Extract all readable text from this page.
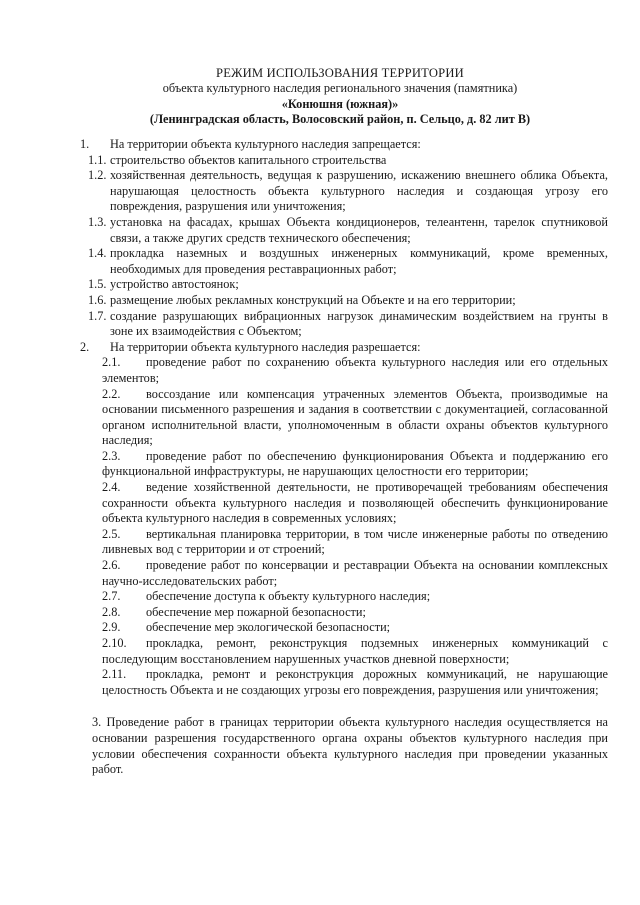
РЕЖИМ ИСПОЛЬЗОВАНИЯ ТЕРРИТОРИИ
объекта культурного наследия регионального значения (памятника)
«Конюшня (южная)»
(Ленинградская область, Волосовский район, п. Сельцо, д. 82 лит В)
1.	На территории объекта культурного наследия запрещается:
1.1. строительство объектов капитального строительства
1.2. хозяйственная деятельность, ведущая к разрушению, искажению внешнего облика Объекта, нарушающая целостность объекта культурного наследия и создающая угрозу его повреждения, разрушения или уничтожения;
1.3. установка на фасадах, крышах Объекта кондиционеров, телеантенн, тарелок спутниковой связи, а также других средств технического обеспечения;
1.4. прокладка наземных и воздушных инженерных коммуникаций, кроме временных, необходимых для проведения реставрационных работ;
1.5. устройство автостоянок;
1.6. размещение любых рекламных конструкций на Объекте и на его территории;
1.7. создание разрушающих вибрационных нагрузок динамическим воздействием на грунты в зоне их взаимодействия с Объектом;
2.	На территории объекта культурного наследия разрешается:
2.1.	проведение работ по сохранению объекта культурного наследия или его отдельных элементов;
2.2.	воссоздание или компенсация утраченных элементов Объекта, производимые на основании письменного разрешения и задания в соответствии с документацией, согласованной органом исполнительной власти, уполномоченным в области охраны объектов культурного наследия;
2.3.	проведение работ по обеспечению функционирования Объекта и поддержанию его функциональной инфраструктуры, не нарушающих целостности его территории;
2.4.	ведение хозяйственной деятельности, не противоречащей требованиям обеспечения сохранности объекта культурного наследия и позволяющей обеспечить функционирование объекта культурного наследия в современных условиях;
2.5.	вертикальная планировка территории, в том числе инженерные работы по отведению ливневых вод с территории и от строений;
2.6.	проведение работ по консервации и реставрации Объекта на основании комплексных научно-исследовательских работ;
2.7.	обеспечение доступа к объекту культурного наследия;
2.8.	обеспечение мер пожарной безопасности;
2.9.	обеспечение мер экологической безопасности;
2.10.	прокладка, ремонт, реконструкция подземных инженерных коммуникаций с последующим восстановлением нарушенных участков дневной поверхности;
2.11.	прокладка, ремонт и реконструкция дорожных коммуникаций, не нарушающие целостность Объекта и не создающих угрозы его повреждения, разрушения или уничтожения;
3. Проведение работ в границах территории объекта культурного наследия осуществляется на основании разрешения государственного органа охраны объектов культурного наследия при условии обеспечения сохранности объекта культурного наследия при проведении указанных работ.
